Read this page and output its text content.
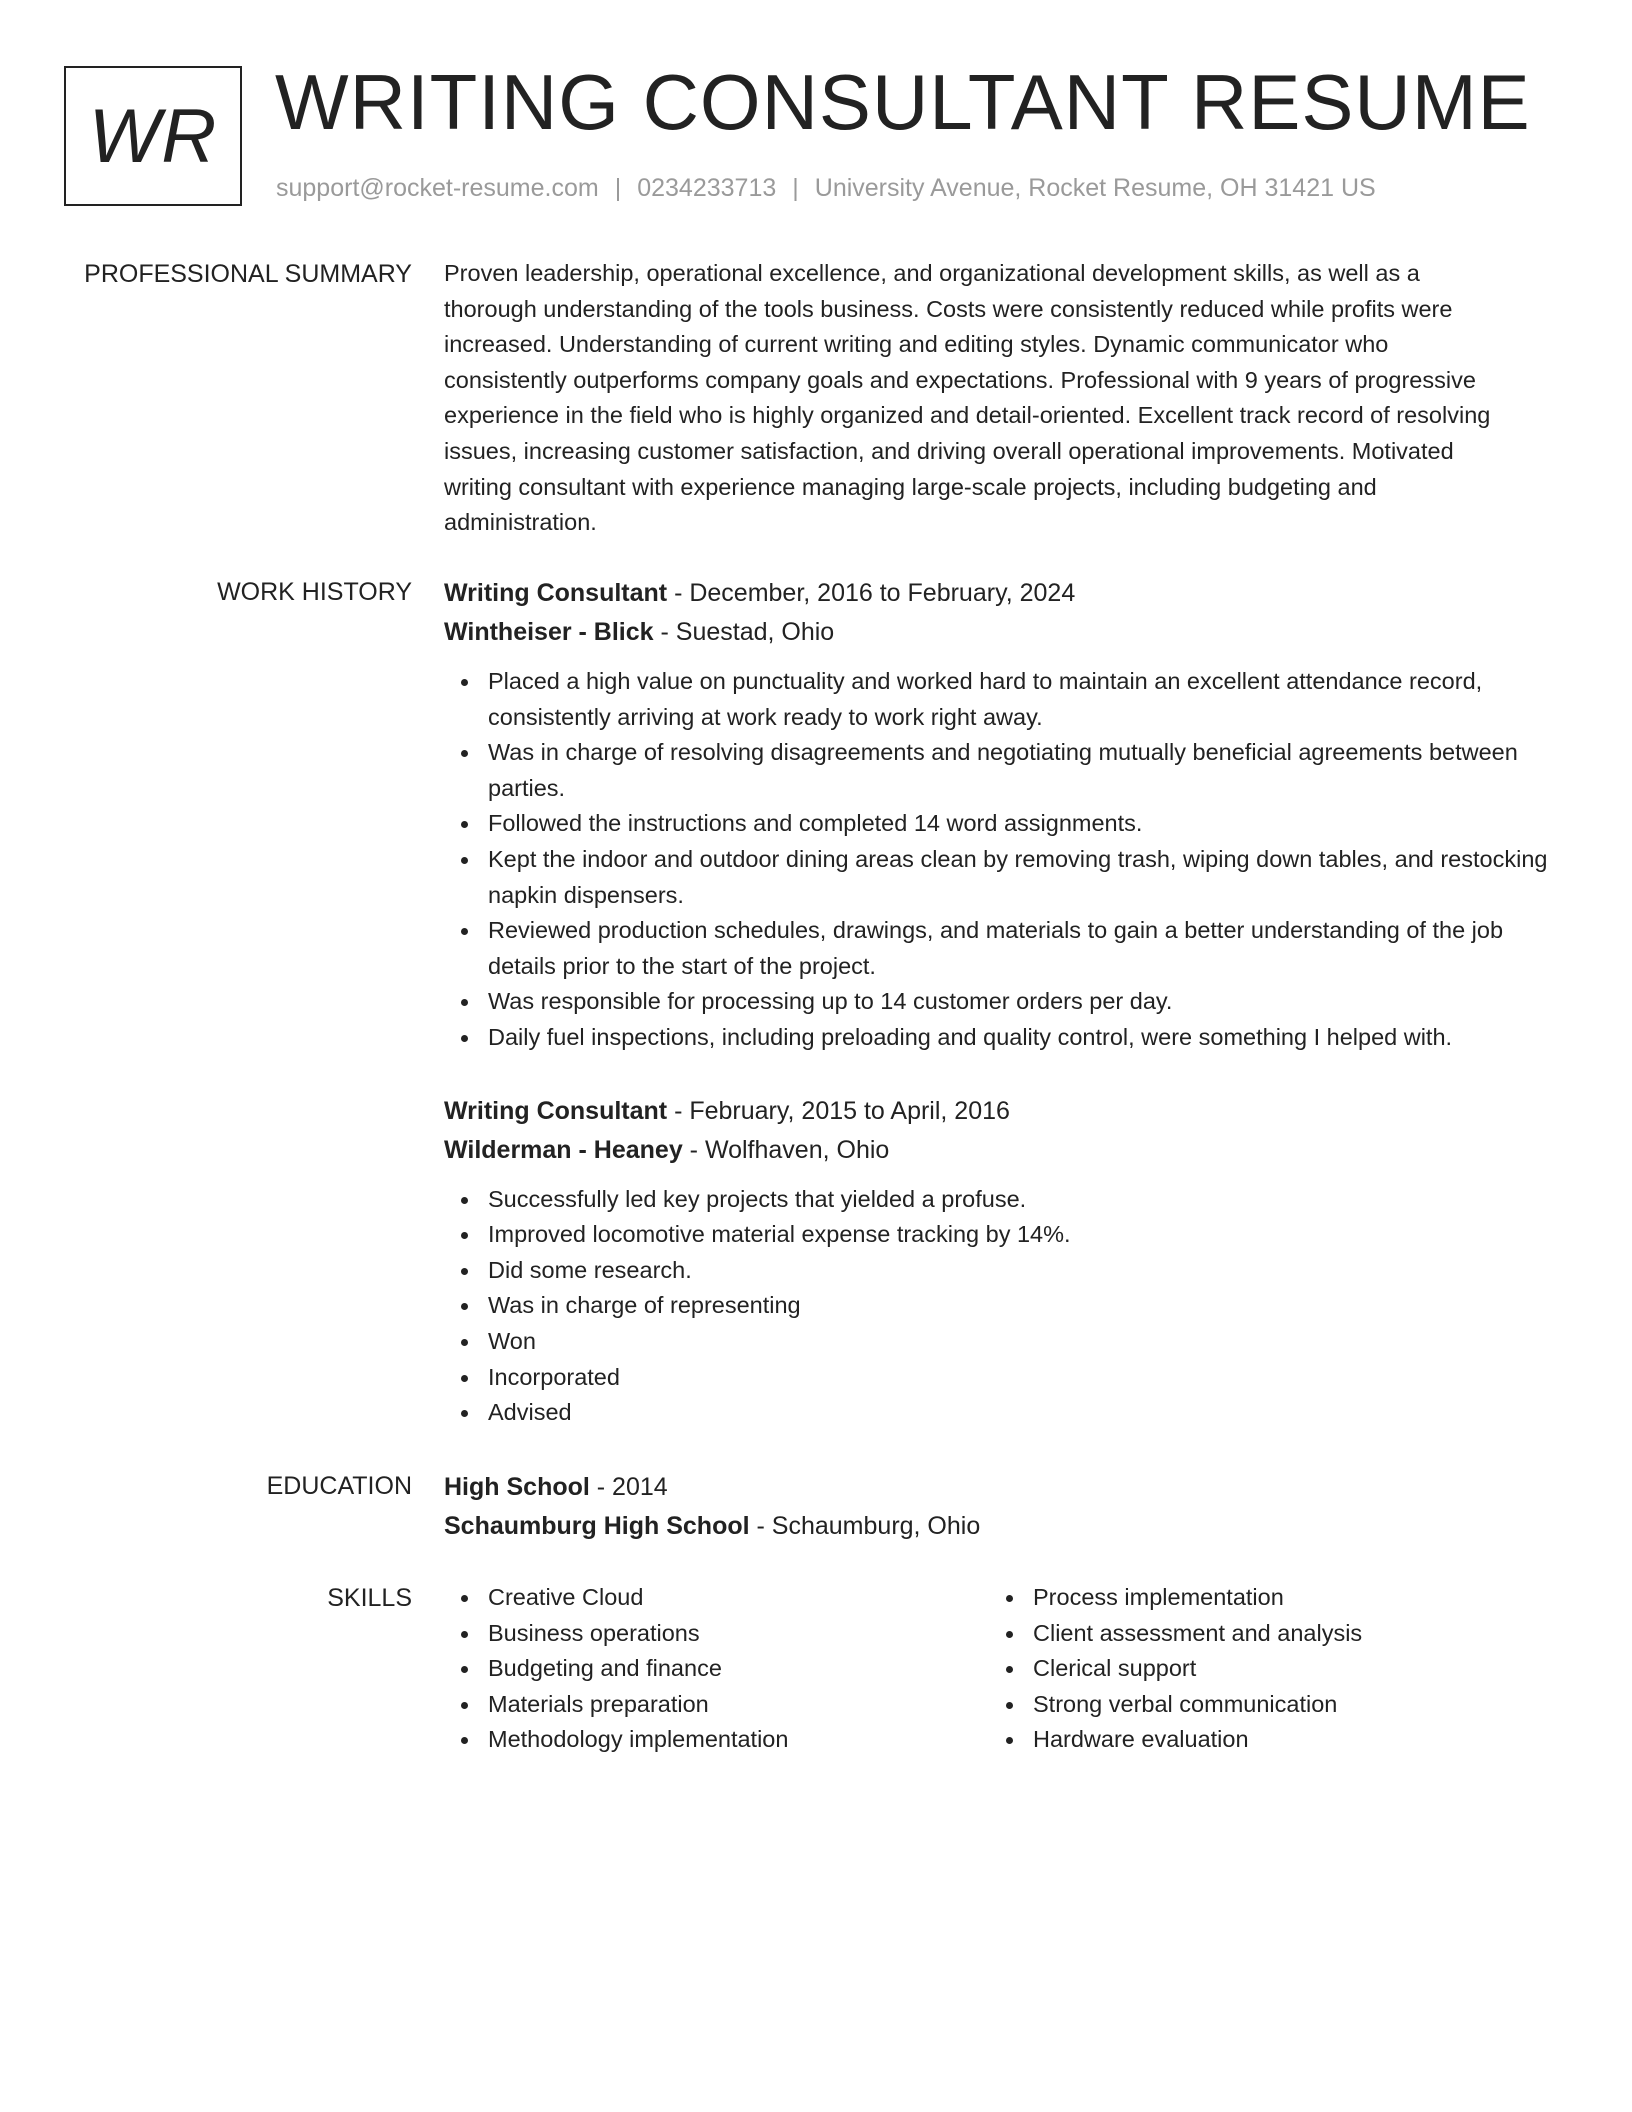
WR WRITING CONSULTANT RESUME
support@rocket-resume.com | 0234233713 | University Avenue, Rocket Resume, OH 31421 US
PROFESSIONAL SUMMARY Proven leadership, operational excellence, and organizational development skills, as well as a
thorough understanding of the tools business. Costs were consistently reduced while profits were
increased. Understanding of current writing and editing styles. Dynamic communicator who
consistently outperforms company goals and expectations. Professional with 9 years of progressive
experience in the field who is highly organized and detail-oriented. Excellent track record of resolving
issues, increasing customer satisfaction, and driving overall operational improvements. Motivated
writing consultant with experience managing large-scale projects, including budgeting and
administration.
WORK HISTORY Writing Consultant - December, 2016 to February, 2024
Wintheiser - Blick - Suestad, Ohio
Placed a high value on punctuality and worked hard to maintain an excellent attendance record, consistently arriving at work ready to work right away.
Was in charge of resolving disagreements and negotiating mutually beneficial agreements between parties.
Followed the instructions and completed 14 word assignments.
Kept the indoor and outdoor dining areas clean by removing trash, wiping down tables, and restocking napkin dispensers.
Reviewed production schedules, drawings, and materials to gain a better understanding of the job details prior to the start of the project.
Was responsible for processing up to 14 customer orders per day.
Daily fuel inspections, including preloading and quality control, were something I helped with.
Writing Consultant - February, 2015 to April, 2016
Wilderman - Heaney - Wolfhaven, Ohio
Successfully led key projects that yielded a profuse.
Improved locomotive material expense tracking by 14%.
Did some research.
Was in charge of representing
Won
Incorporated
Advised
EDUCATION High School - 2014
Schaumburg High School - Schaumburg, Ohio
SKILLS	Creative Cloud
Business operations
Budgeting and finance
Materials preparation
Methodology implementation
Process implementation
Client assessment and analysis
Clerical support
Strong verbal communication
Hardware evaluation
